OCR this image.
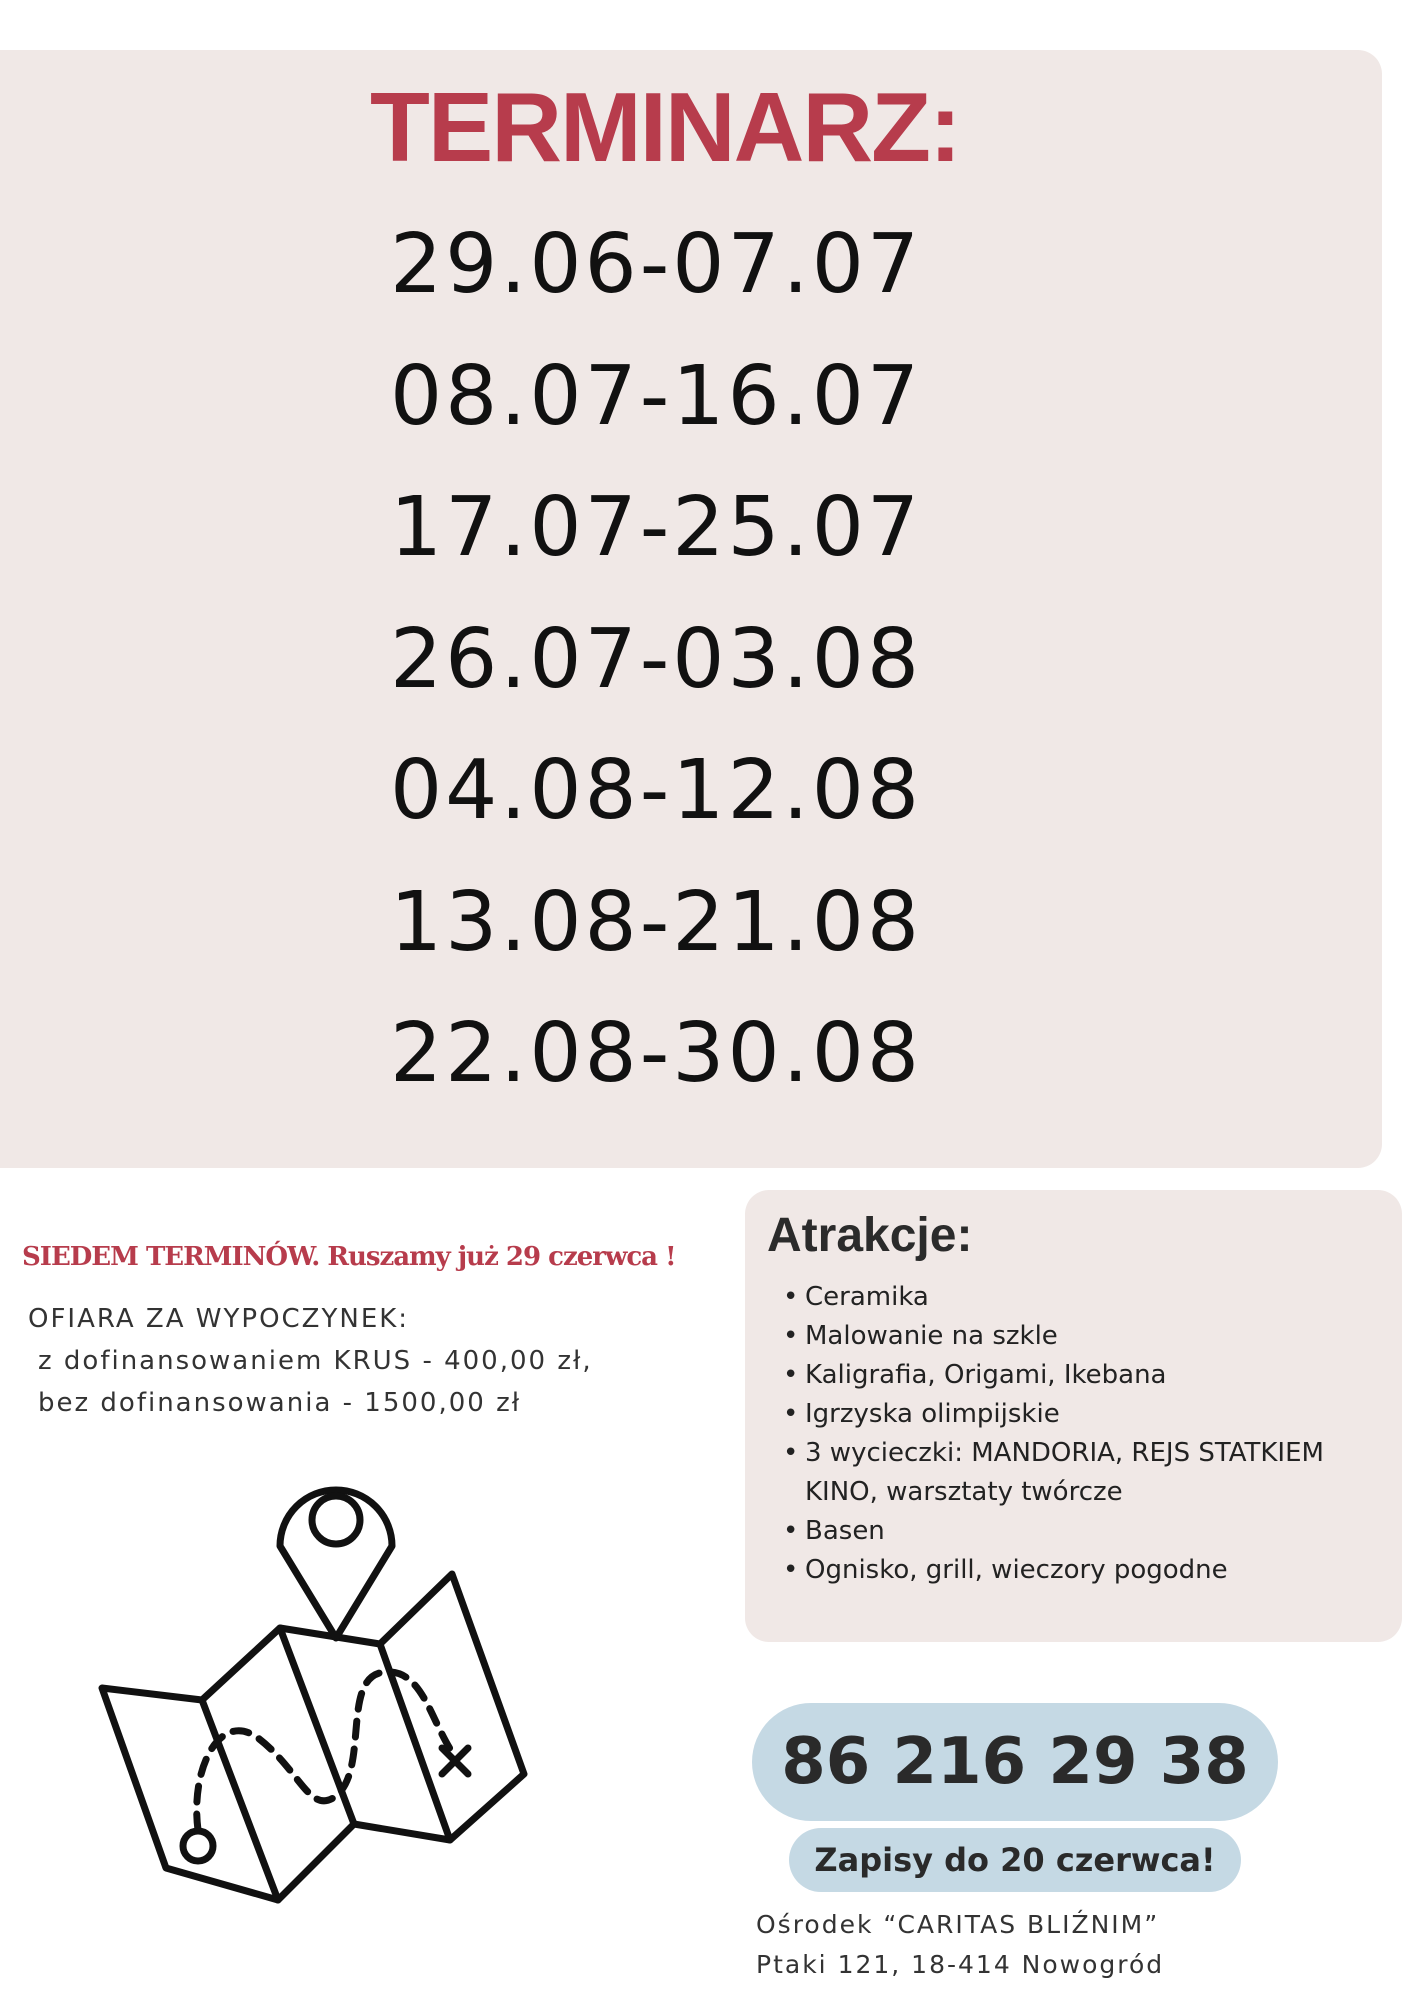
TERMINARZ:
29.06-07.07
08.07-16.07
17.07-25.07
26.07-03.08
04.08-12.08
13.08-21.08
22.08-30.08
SIEDEM TERMINÓW. Ruszamy już 29 czerwca !
OFIARA ZA WYPOCZYNEK:
z dofinansowaniem KRUS - 400,00 zł,
bez dofinansowania - 1500,00 zł
Atrakcje:
• Ceramika
• Malowanie na szkle
• Kaligrafia, Origami, Ikebana
• Igrzyska olimpijskie
• 3 wycieczki: MANDORIA, REJS STATKIEM KINO, warsztaty twórcze
• Basen
• Ognisko, grill, wieczory pogodne
86 216 29 38
Zapisy do 20 czerwca!
Ośrodek “CARITAS BLIŹNIM”
Ptaki 121, 18-414 Nowogród
